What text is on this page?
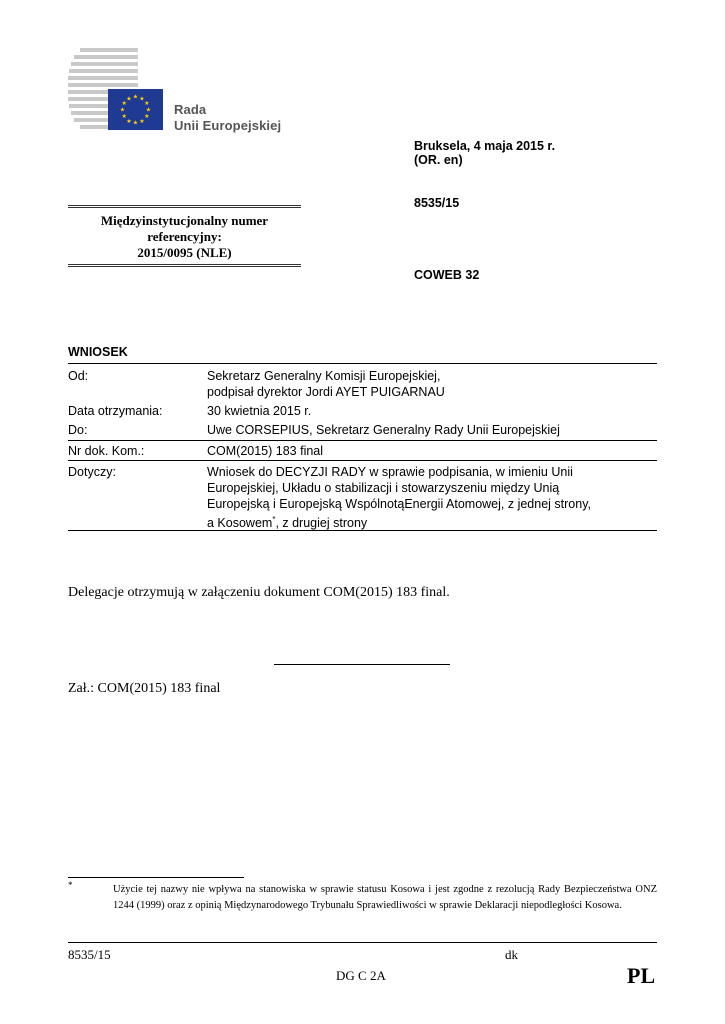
★ ★
★
★
★
★
★
★
★
★
★
★
Rada
Unii Europejskiej
Bruksela, 4 maja 2015 r.
(OR. en)
8535/15
COWEB 32
Międzyinstytucjonalny numer
referencyjny:
2015/0095 (NLE)
WNIOSEK
Od:	Sekretarz Generalny Komisji Europejskiej,
podpisał dyrektor Jordi AYET PUIGARNAU
Data otrzymania:	30 kwietnia 2015 r.
Do:	Uwe CORSEPIUS, Sekretarz Generalny Rady Unii Europejskiej
Nr dok. Kom.:	COM(2015) 183 final
Dotyczy:	Wniosek do DECYZJI RADY w sprawie podpisania, w imieniu Unii
Europejskiej, Układu o stabilizacji i stowarzyszeniu między Unią
Europejską i Europejską WspólnotąEnergii Atomowej, z jednej strony,
a Kosowem*, z drugiej strony
Delegacje otrzymują w załączeniu dokument COM(2015) 183 final.
Zał.: COM(2015) 183 final
*	Użycie tej nazwy nie wpływa na stanowiska w sprawie statusu Kosowa i jest zgodne z rezolucją Rady Bezpieczeństwa ONZ 1244 (1999) oraz z opinią Międzynarodowego Trybunału Sprawiedliwości w sprawie Deklaracji niepodległości Kosowa.
8535/15	dk
DG C 2A	PL
